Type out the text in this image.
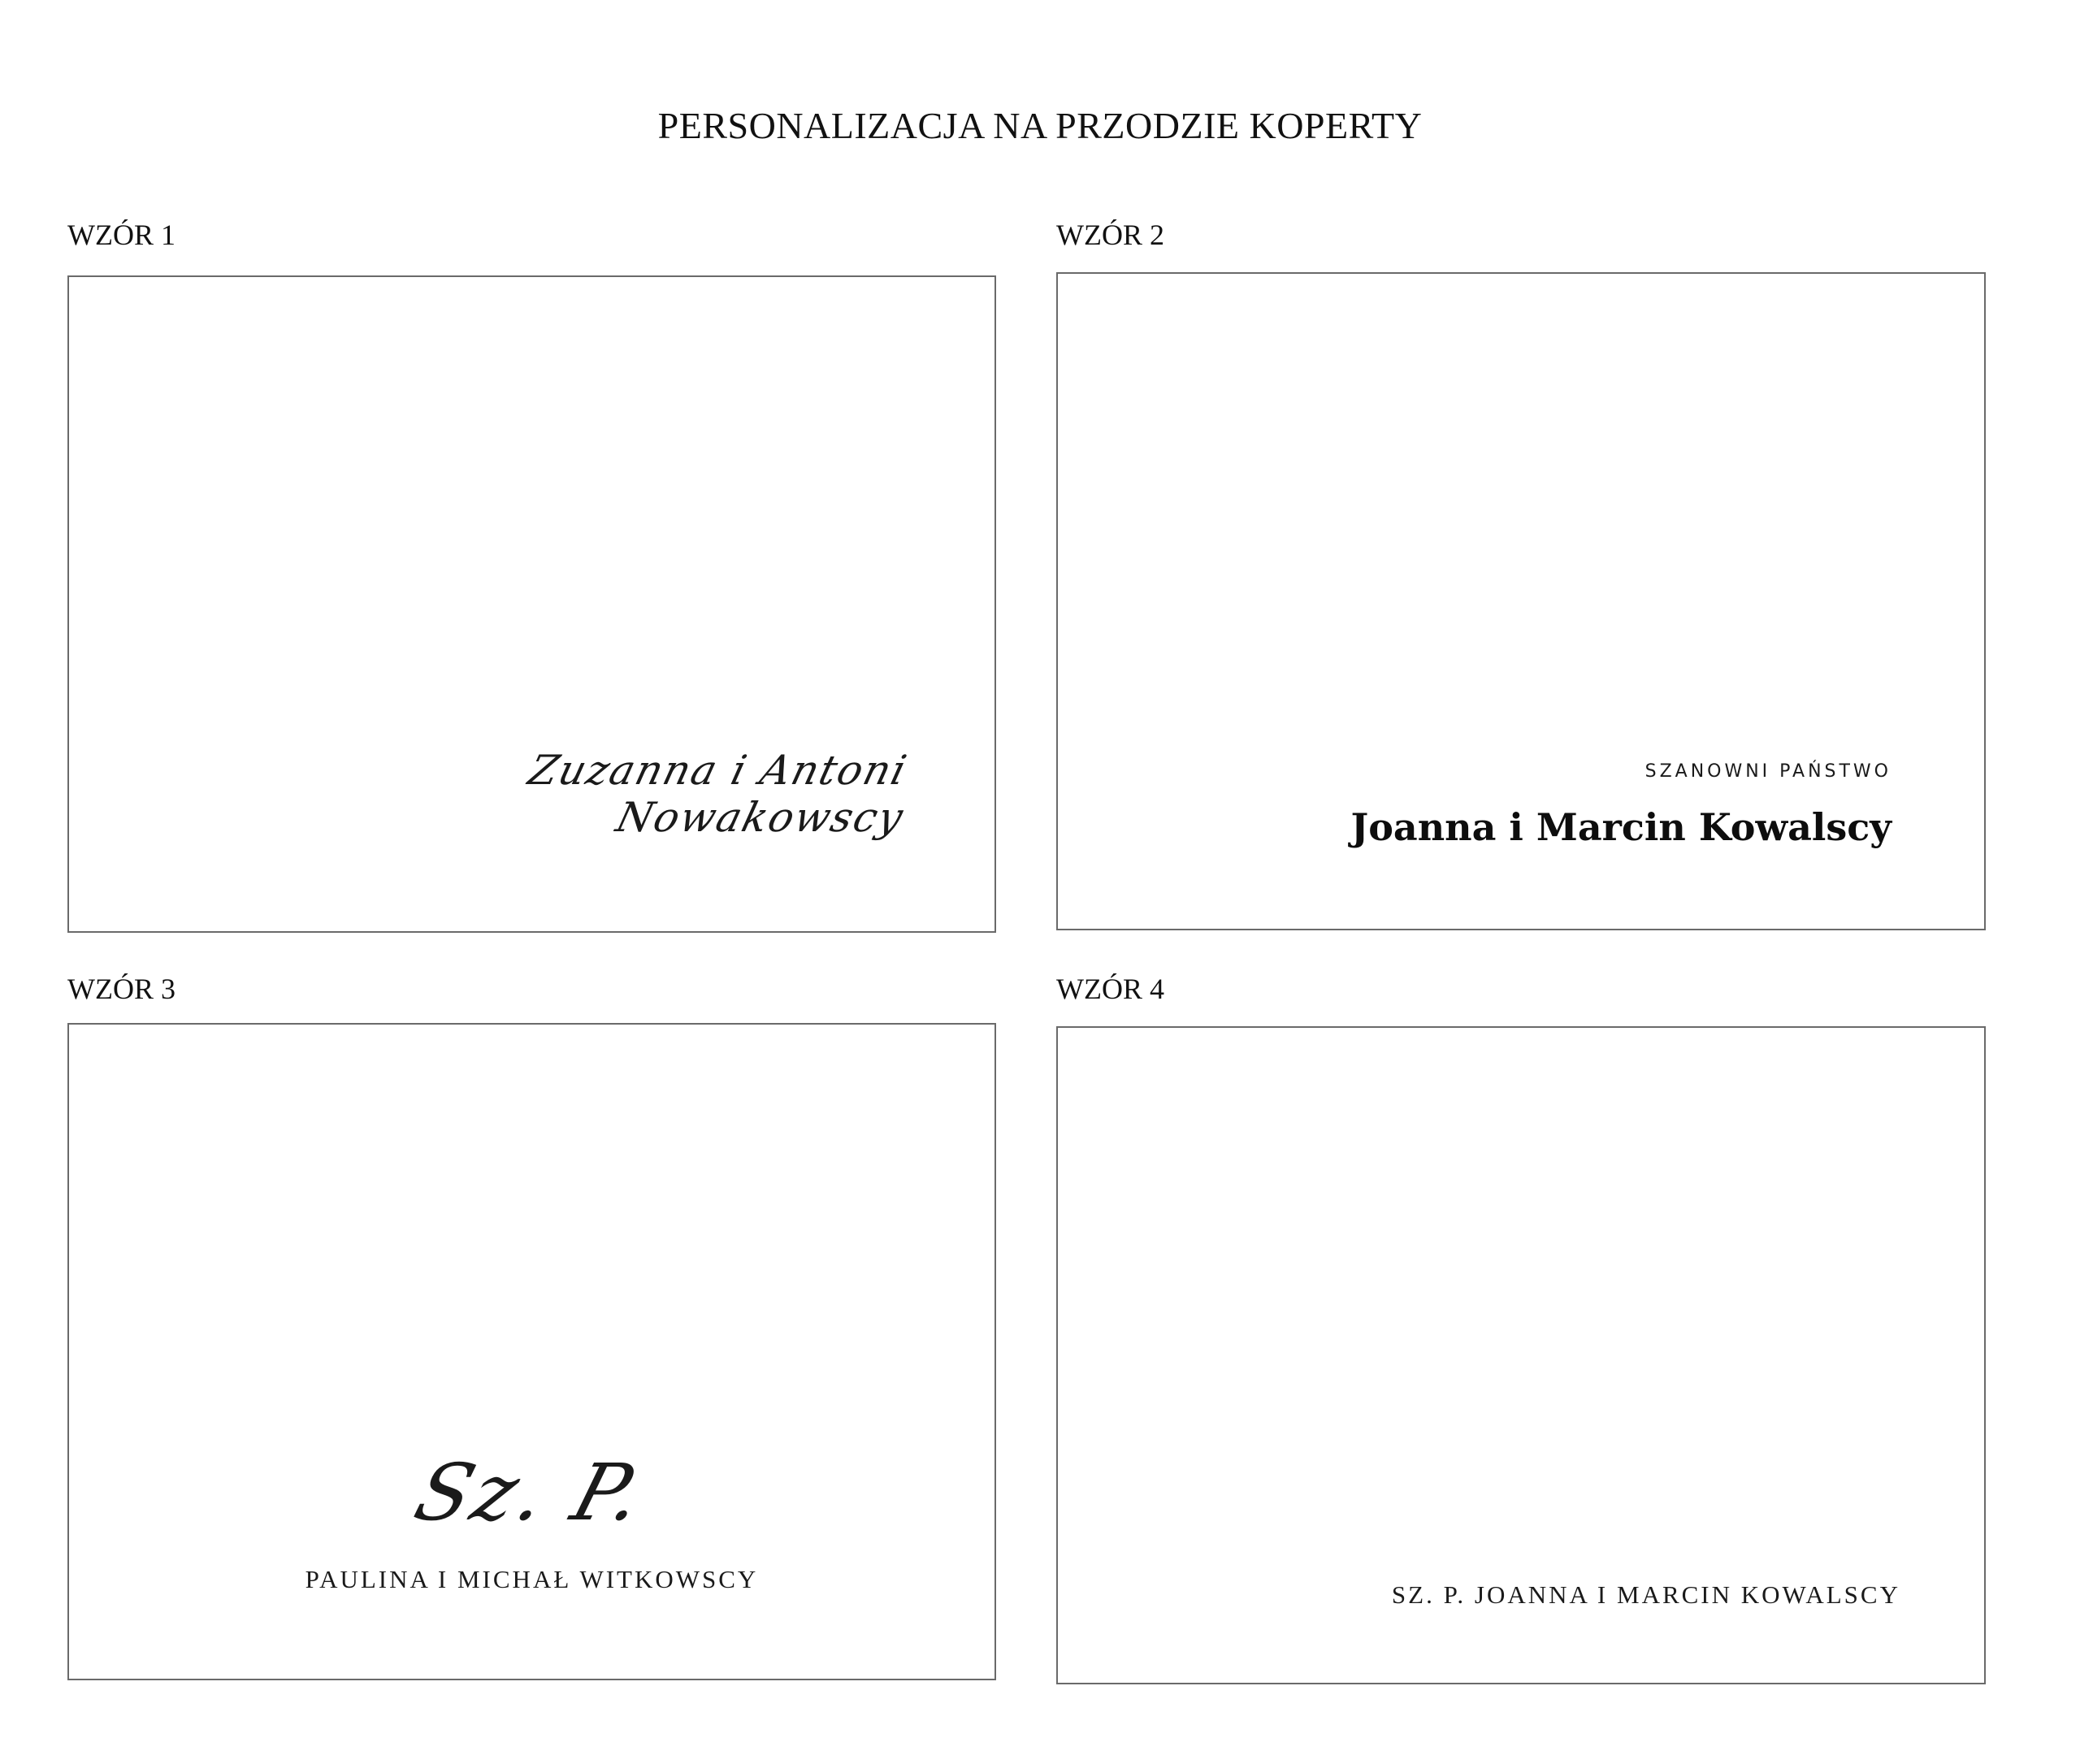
PERSONALIZACJA NA PRZODZIE KOPERTY
WZÓR 1
Zuzanna i Antoni
Nowakowscy
WZÓR 2
SZANOWNI PAŃSTWO
Joanna i Marcin Kowalscy
WZÓR 3
Sz. P.
PAULINA I MICHAŁ WITKOWSCY
WZÓR 4
SZ. P. JOANNA I MARCIN KOWALSCY
